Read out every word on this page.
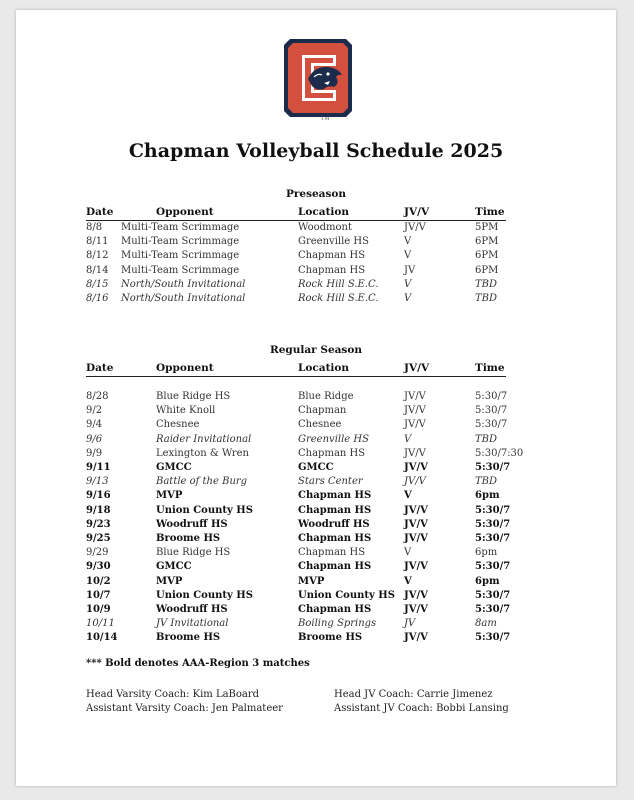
TM
Chapman Volleyball Schedule 2025
Preseason
Date	Opponent	Location	JV/V	Time
8/8 Multi-Team Scrimmage	Woodmont	JV/V	5PM
8/11 Multi-Team Scrimmage	Greenville HS	V	6PM
8/12 Multi-Team Scrimmage	Chapman HS	V	6PM
8/14 Multi-Team Scrimmage	Chapman HS	JV	6PM
8/15 North/South Invitational	Rock Hill S.E.C.	V	TBD
8/16 North/South Invitational	Rock Hill S.E.C.	V	TBD
Regular Season
Date	Opponent	Location	JV/V	Time
8/28	Blue Ridge HS	Blue Ridge	JV/V	5:30/7
9/2	White Knoll	Chapman	JV/V	5:30/7
9/4	Chesnee	Chesnee	JV/V	5:30/7
9/6	Raider Invitational	Greenville HS	V	TBD
9/9	Lexington & Wren	Chapman HS	JV/V	5:30/7:30
9/11	GMCC	GMCC	JV/V	5:30/7
9/13	Battle of the Burg	Stars Center	JV/V	TBD
9/16	MVP	Chapman HS	V	6pm
9/18	Union County HS	Chapman HS	JV/V	5:30/7
9/23	Woodruff HS	Woodruff HS	JV/V	5:30/7
9/25	Broome HS	Chapman HS	JV/V	5:30/7
9/29	Blue Ridge HS	Chapman HS	V	6pm
9/30	GMCC	Chapman HS	JV/V	5:30/7
10/2	MVP	MVP	V	6pm
10/7	Union County HS	Union County HS JV/V	5:30/7
10/9	Woodruff HS	Chapman HS	JV/V	5:30/7
10/11	JV Invitational	Boiling Springs	JV	8am
10/14	Broome HS	Broome HS	JV/V	5:30/7
*** Bold denotes AAA-Region 3 matches
Head Varsity Coach: Kim LaBoard
Assistant Varsity Coach: Jen Palmateer
Head JV Coach: Carrie Jimenez
Assistant JV Coach: Bobbi Lansing
